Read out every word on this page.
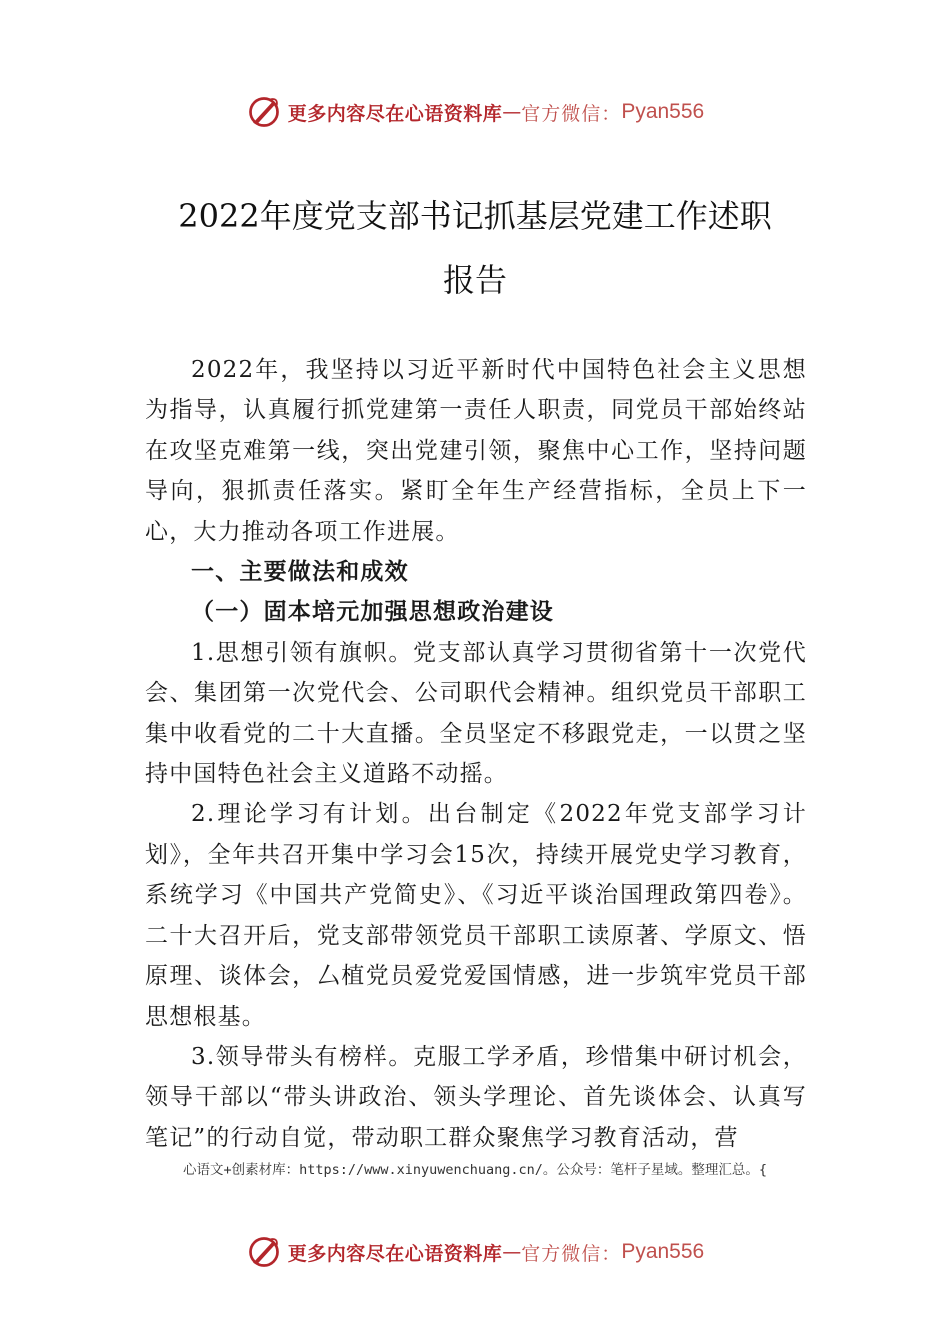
更多内容尽在心语资料库 — 官方微信： Pyan556
2022年度党支部书记抓基层党建工作述职
报告

2022年，我坚持以习近平新时代中国特色社会主义思想为指导，认真履行抓党建第一责任人职责，同党员干部始终站在攻坚克难第一线，突出党建引领，聚焦中心工作，坚持问题导向，狠抓责任落实。紧盯全年生产经营指标，全员上下一心，大力推动各项工作进展。

一、主要做法和成效

（一）固本培元加强思想政治建设

1.思想引领有旗帜。党支部认真学习贯彻省第十一次党代会、集团第一次党代会、公司职代会精神。组织党员干部职工集中收看党的二十大直播。全员坚定不移跟党走，一以贯之坚持中国特色社会主义道路不动摇。

2.理论学习有计划。出台制定《2022年党支部学习计划》，全年共召开集中学习会15次，持续开展党史学习教育，系统学习《中国共产党简史》、《习近平谈治国理政第四卷》。二十大召开后，党支部带领党员干部职工读原著、学原文、悟原理、谈体会，厶植党员爱党爱国情感，进一步筑牢党员干部思想根基。

3.领导带头有榜样。克服工学矛盾，珍惜集中研讨机会，领导干部以“带头讲政治、领头学理论、首先谈体会、认真写笔记”的行动自觉，带动职工群众聚焦学习教育活动，营

心语文+创素材库：https://www.xinyuwenchuang.cn/。公众号：笔杆子星域。整理汇总。{
更多内容尽在心语资料库 — 官方微信： Pyan556
